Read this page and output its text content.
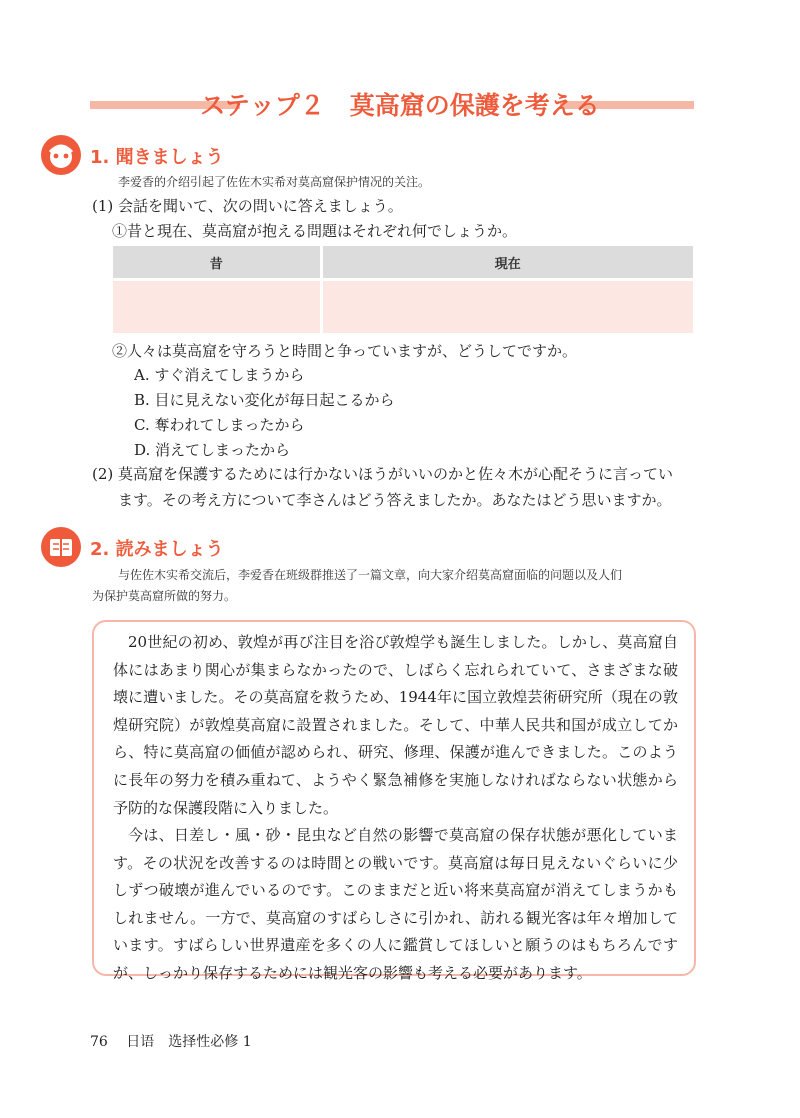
ステップ２　莫高窟の保護を考える
1. 聞きましょう
李爱香的介绍引起了佐佐木实希对莫高窟保护情况的关注。
(1) 会話を聞いて、次の問いに答えましょう。
①昔と現在、莫高窟が抱える問題はそれぞれ何でしょうか。
昔	現在

②人々は莫高窟を守ろうと時間と争っていますが、どうしてですか。
A. すぐ消えてしまうから
B. 目に見えない変化が毎日起こるから
C. 奪われてしまったから
D. 消えてしまったから
(2) 莫高窟を保護するためには行かないほうがいいのかと佐々木が心配そうに言ってい
ます。その考え方について李さんはどう答えましたか。あなたはどう思いますか。
2. 読みましょう
与佐佐木实希交流后，李爱香在班级群推送了一篇文章，向大家介绍莫高窟面临的问题以及人们
为保护莫高窟所做的努力。

20世紀の初め、敦煌が再び注目を浴び敦煌学も誕生しました。しかし、莫高窟自体にはあまり関心が集まらなかったので、しばらく忘れられていて、さまざまな破壊に遭いました。その莫高窟を救うため、1944年に国立敦煌芸術研究所（現在の敦煌研究院）が敦煌莫高窟に設置されました。そして、中華人民共和国が成立してから、特に莫高窟の価値が認められ、研究、修理、保護が進んできました。このように長年の努力を積み重ねて、ようやく緊急補修を実施しなければならない状態から予防的な保護段階に入りました。

今は、日差し・風・砂・昆虫など自然の影響で莫高窟の保存状態が悪化しています。その状況を改善するのは時間との戦いです。莫高窟は毎日見えないぐらいに少しずつ破壊が進んでいるのです。このままだと近い将来莫高窟が消えてしまうかもしれません。一方で、莫高窟のすばらしさに引かれ、訪れる観光客は年々増加しています。すばらしい世界遺産を多くの人に鑑賞してほしいと願うのはもちろんですが、しっかり保存するためには観光客の影響も考える必要があります。

76 日语　选择性必修 1
